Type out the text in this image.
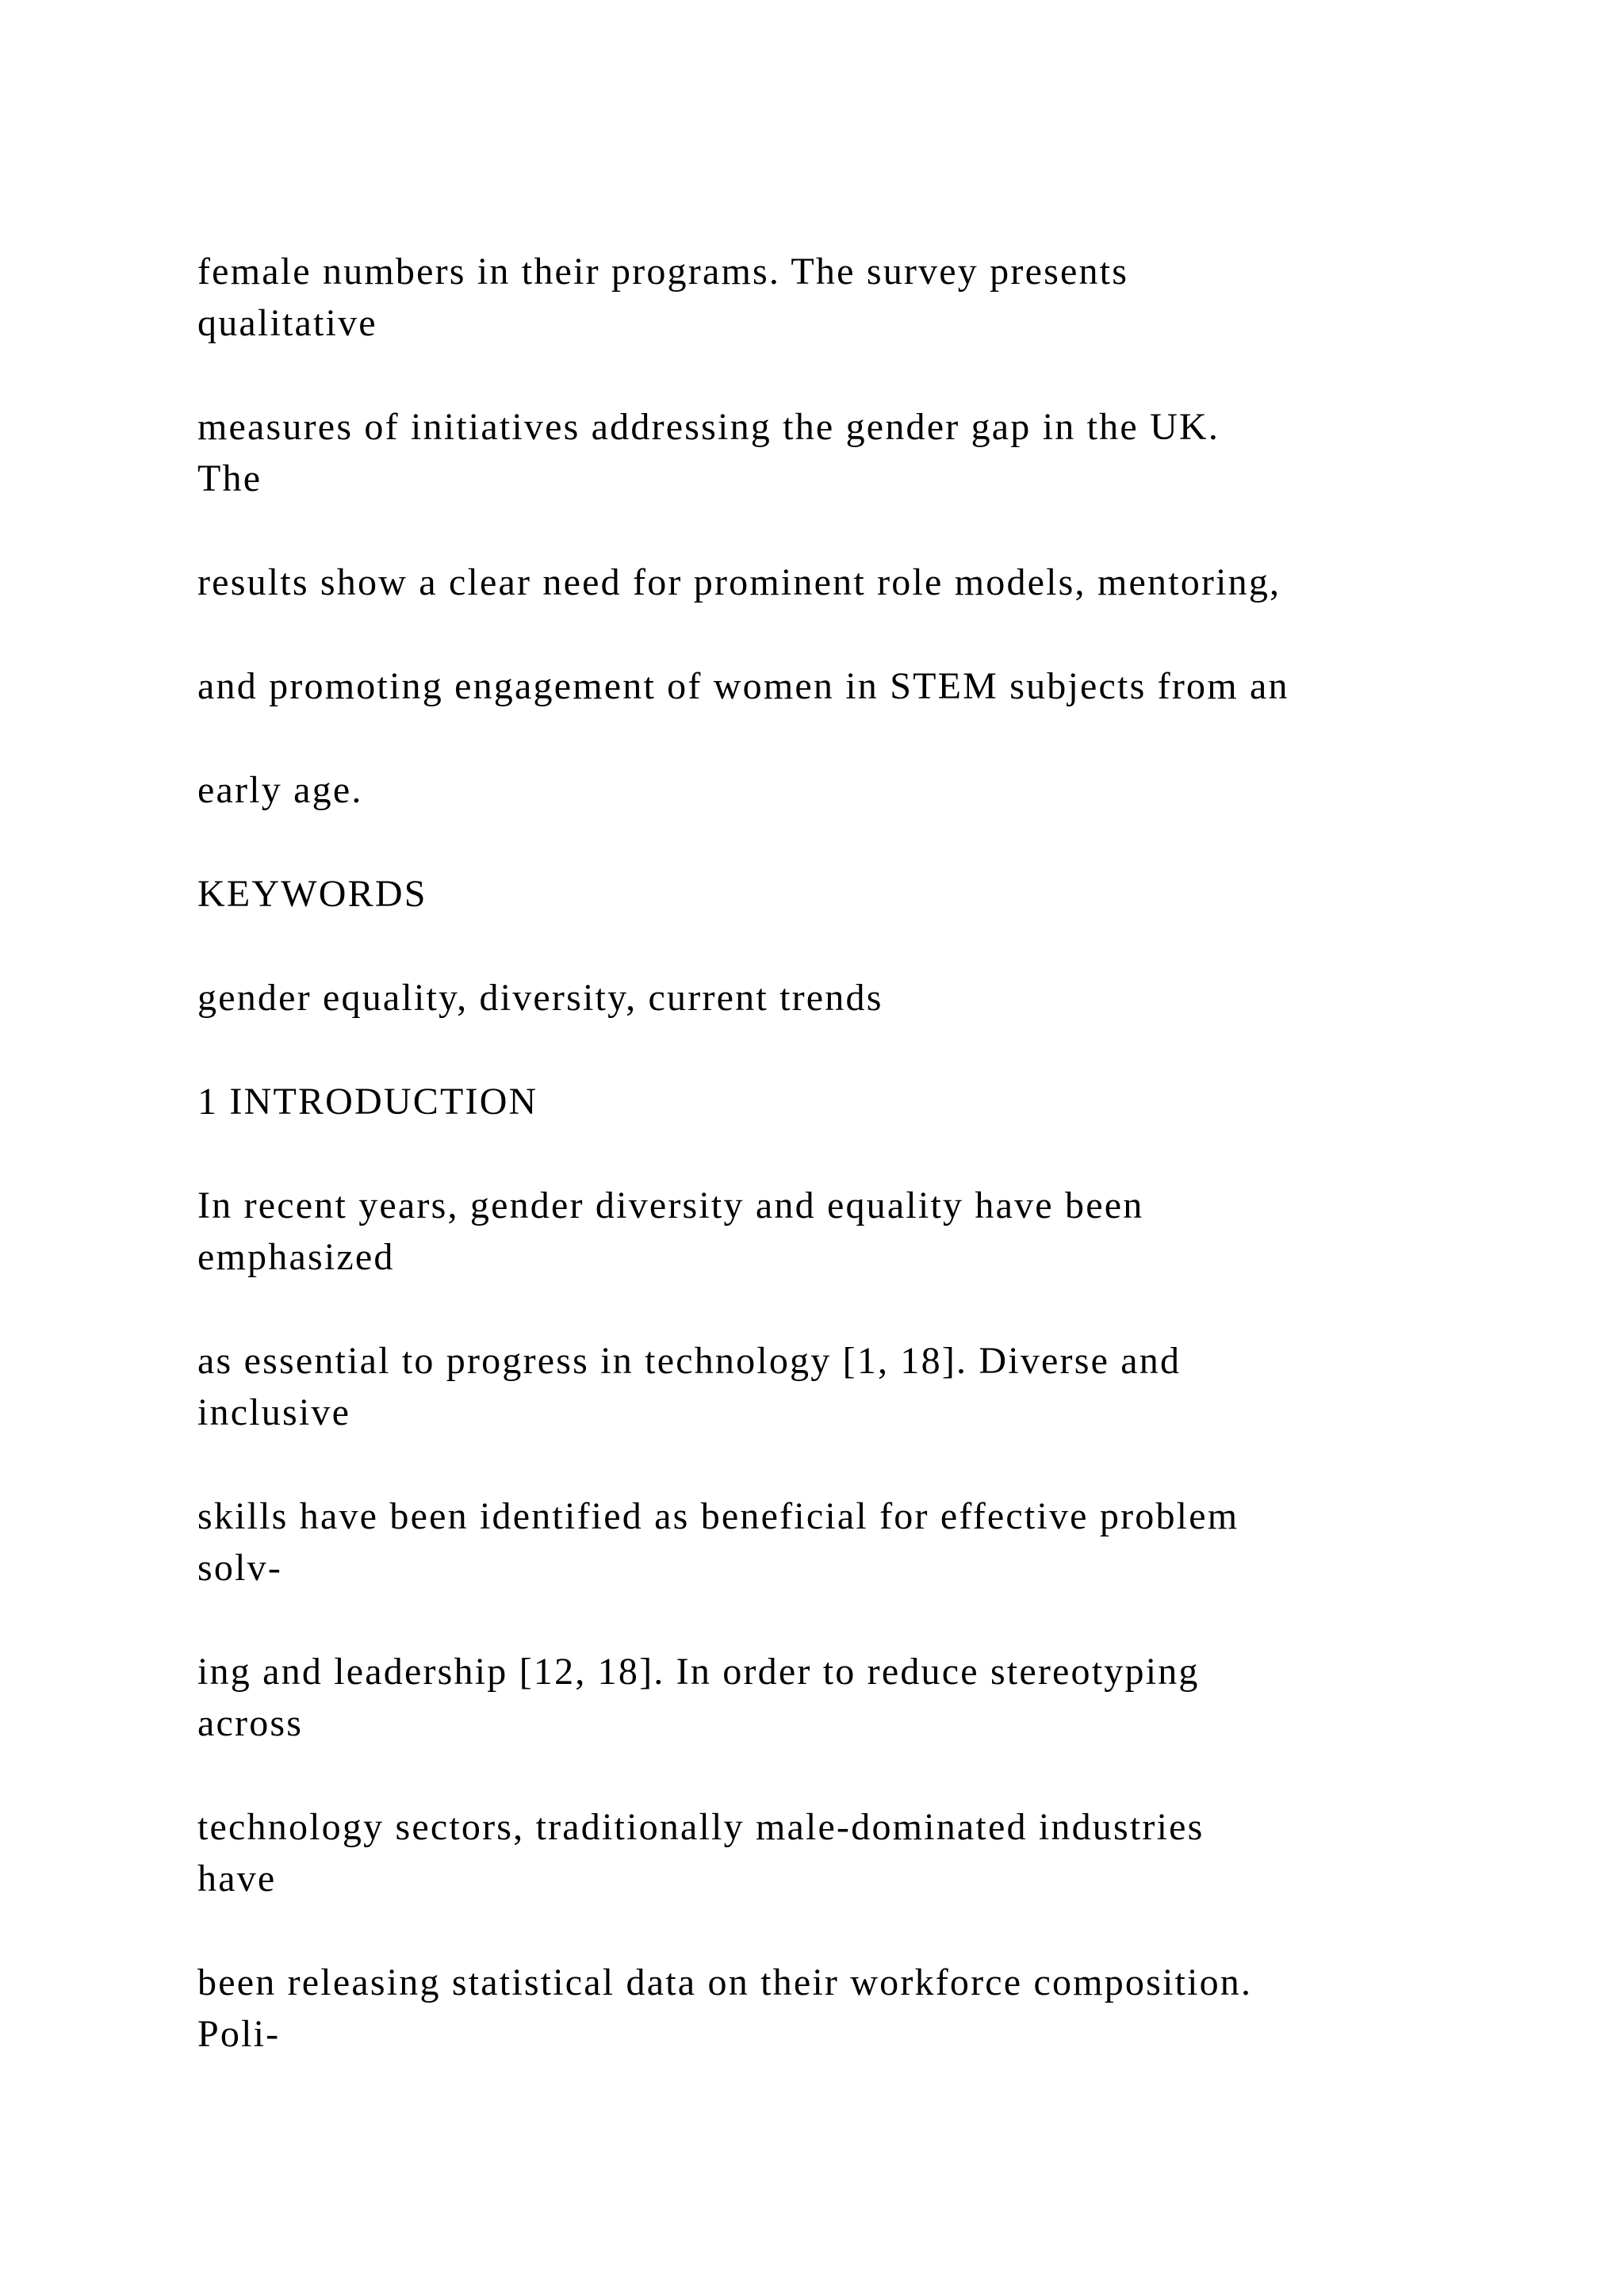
female numbers in their programs. The survey presents
qualitative

measures of initiatives addressing the gender gap in the UK.
The

results show a clear need for prominent role models, mentoring,

and promoting engagement of women in STEM subjects from an

early age.

KEYWORDS

gender equality, diversity, current trends

1 INTRODUCTION

In recent years, gender diversity and equality have been
emphasized

as essential to progress in technology [1, 18]. Diverse and
inclusive

skills have been identified as beneficial for effective problem
solv-

ing and leadership [12, 18]. In order to reduce stereotyping
across

technology sectors, traditionally male-dominated industries
have

been releasing statistical data on their workforce composition.
Poli-
